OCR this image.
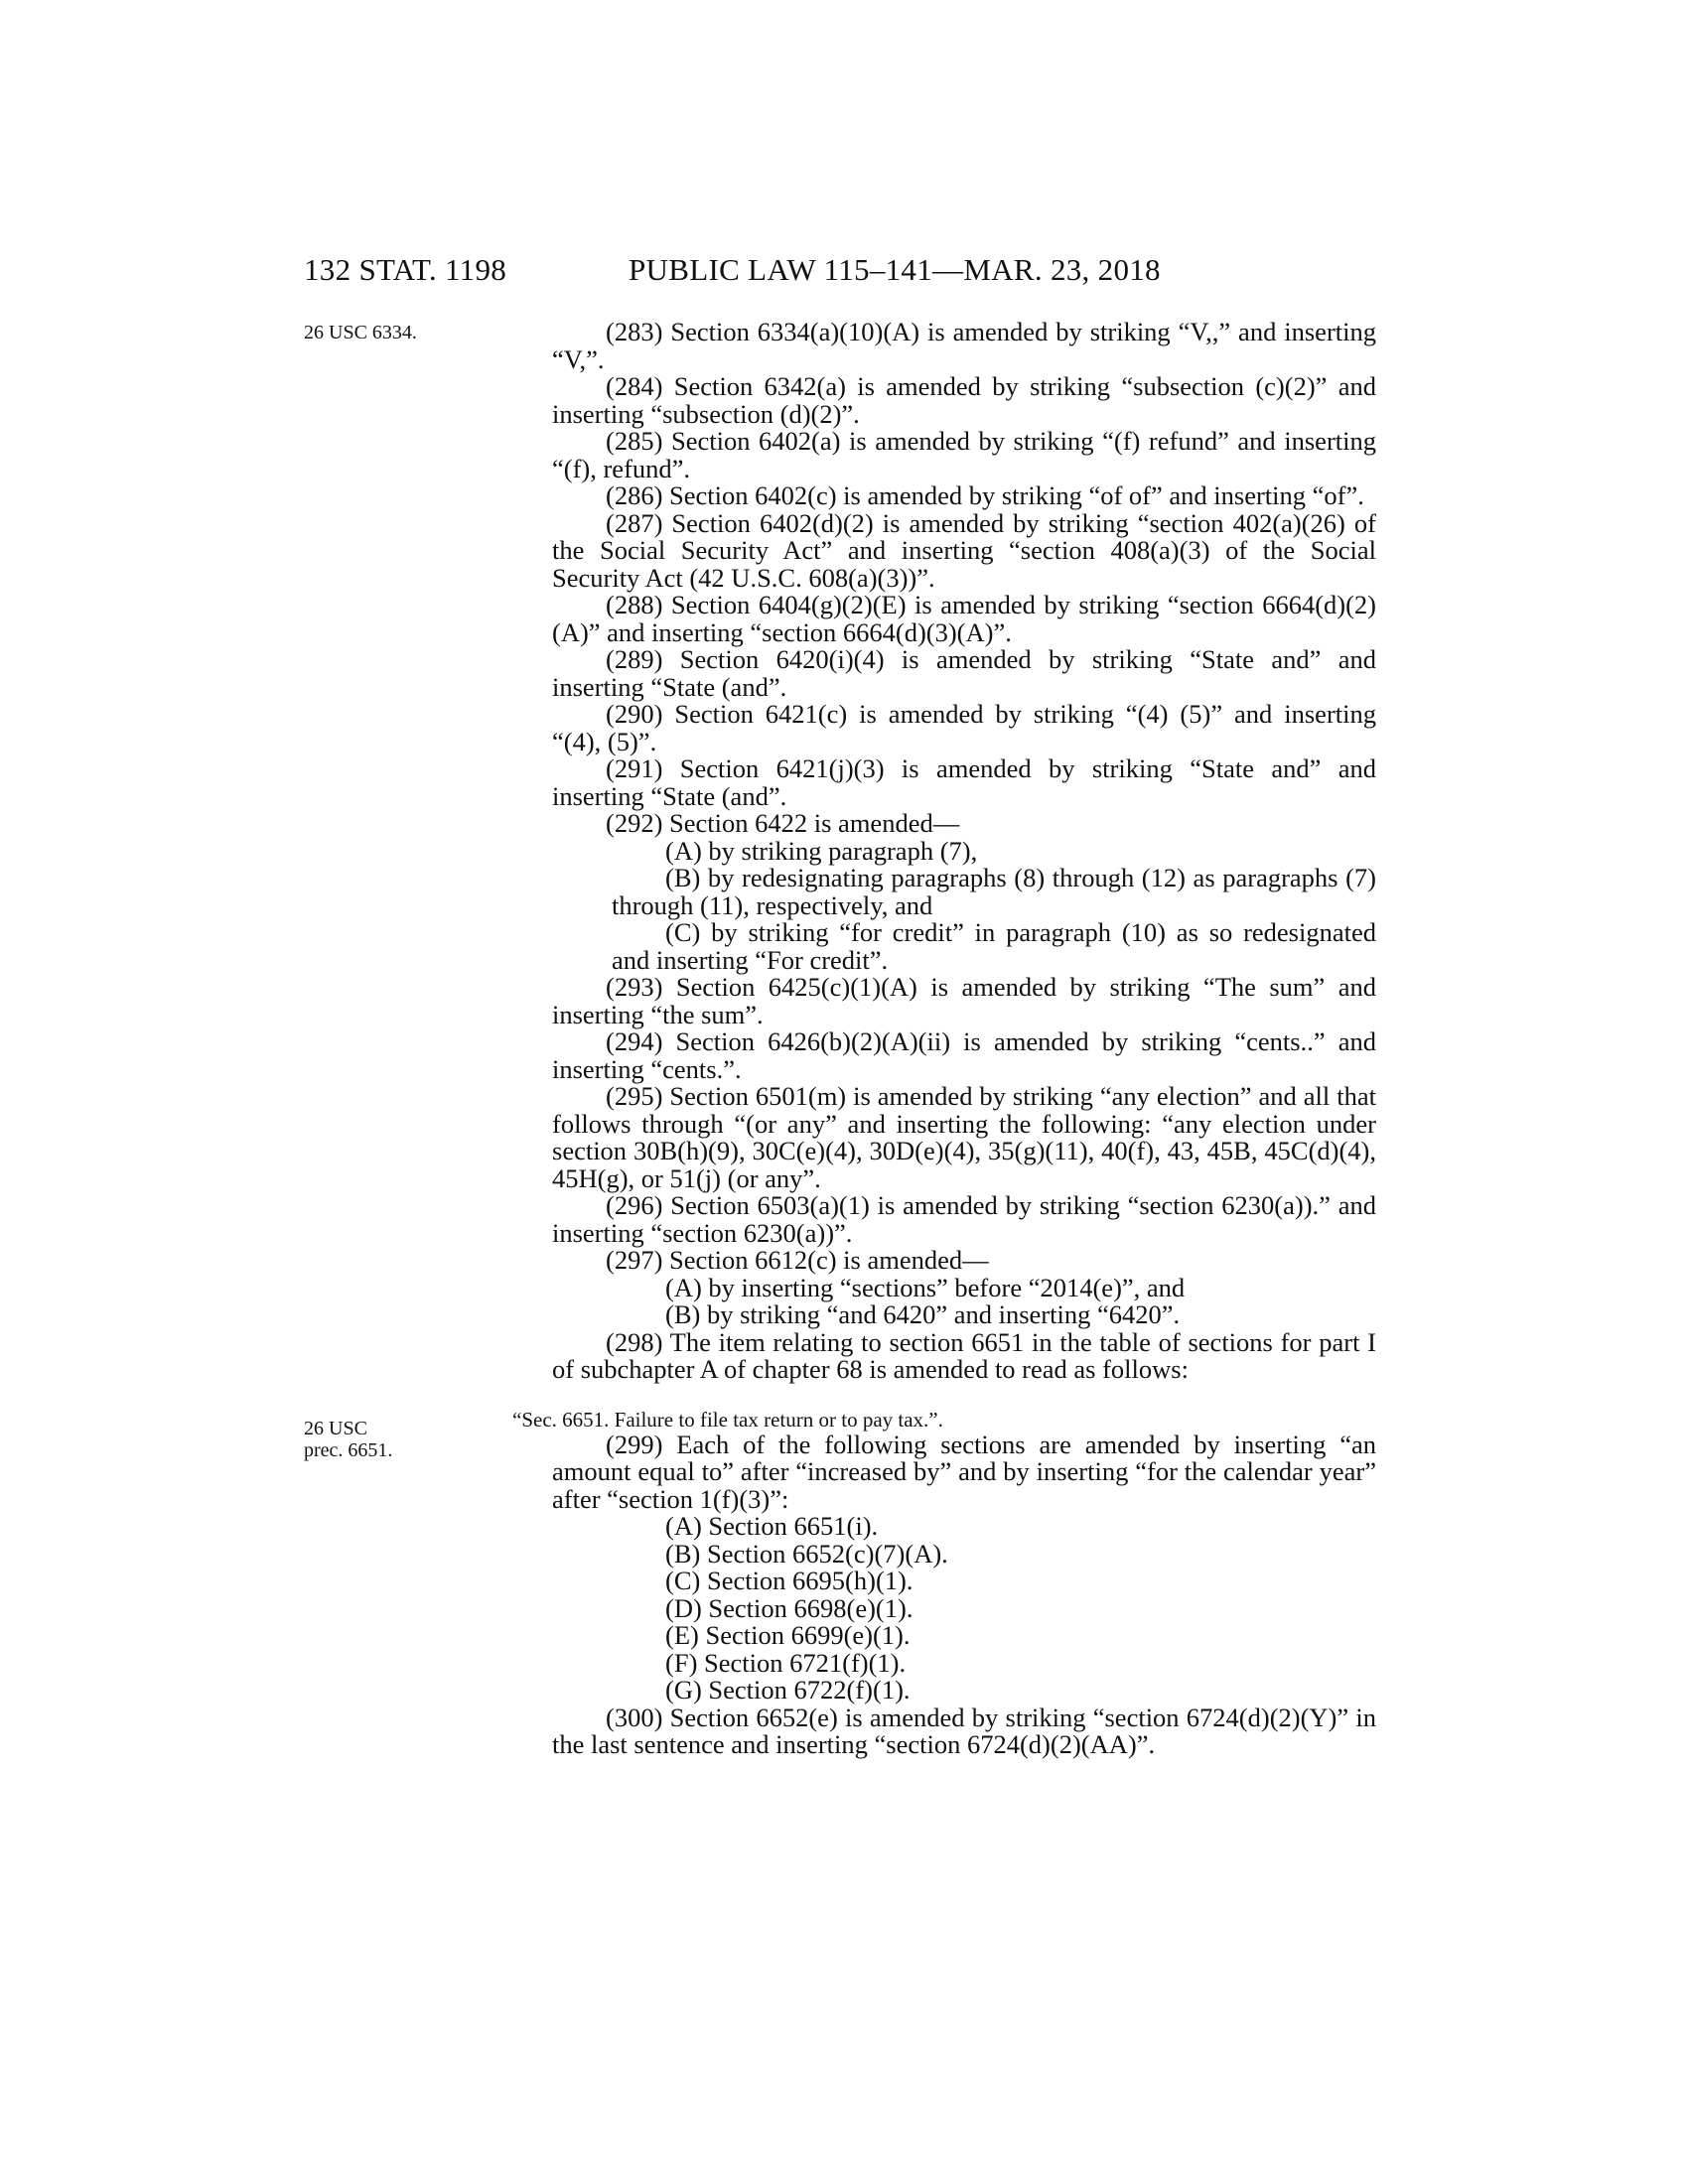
132 STAT. 1198	PUBLIC LAW 115–141—MAR. 23, 2018
26 USC 6334.
26 USC
prec. 6651.

(283) Section 6334(a)(10)(A) is amended by striking “V,,” and inserting “V,”.

(284) Section 6342(a) is amended by striking “subsection (c)(2)” and inserting “subsection (d)(2)”.

(285) Section 6402(a) is amended by striking “(f) refund” and inserting “(f), refund”.

(286) Section 6402(c) is amended by striking “of of” and inserting “of”.

(287) Section 6402(d)(2) is amended by striking “section 402(a)(26) of the Social Security Act” and inserting “section 408(a)(3) of the Social Security Act (42 U.S.C. 608(a)(3))”.

(288) Section 6404(g)(2)(E) is amended by striking “section 6664(d)(2)(A)” and inserting “section 6664(d)(3)(A)”.

(289) Section 6420(i)(4) is amended by striking “State and” and inserting “State (and”.

(290) Section 6421(c) is amended by striking “(4) (5)” and inserting “(4), (5)”.

(291) Section 6421(j)(3) is amended by striking “State and” and inserting “State (and”.

(292) Section 6422 is amended—

(A) by striking paragraph (7),

(B) by redesignating paragraphs (8) through (12) as paragraphs (7) through (11), respectively, and

(C) by striking “for credit” in paragraph (10) as so redesignated and inserting “For credit”.

(293) Section 6425(c)(1)(A) is amended by striking “The sum” and inserting “the sum”.

(294) Section 6426(b)(2)(A)(ii) is amended by striking “cents..” and inserting “cents.”.

(295) Section 6501(m) is amended by striking “any election” and all that follows through “(or any” and inserting the following: “any election under section 30B(h)(9), 30C(e)(4), 30D(e)(4), 35(g)(11), 40(f), 43, 45B, 45C(d)(4), 45H(g), or 51(j) (or any”.

(296) Section 6503(a)(1) is amended by striking “section 6230(a)).” and inserting “section 6230(a))”.

(297) Section 6612(c) is amended—

(A) by inserting “sections” before “2014(e)”, and

(B) by striking “and 6420” and inserting “6420”.

(298) The item relating to section 6651 in the table of sections for part I of subchapter A of chapter 68 is amended to read as follows:

“Sec. 6651. Failure to file tax return or to pay tax.”.

(299) Each of the following sections are amended by inserting “an amount equal to” after “increased by” and by inserting “for the calendar year” after “section 1(f)(3)”:

(A) Section 6651(i).

(B) Section 6652(c)(7)(A).

(C) Section 6695(h)(1).

(D) Section 6698(e)(1).

(E) Section 6699(e)(1).

(F) Section 6721(f)(1).

(G) Section 6722(f)(1).

(300) Section 6652(e) is amended by striking “section 6724(d)(2)(Y)” in the last sentence and inserting “section 6724(d)(2)(AA)”.
